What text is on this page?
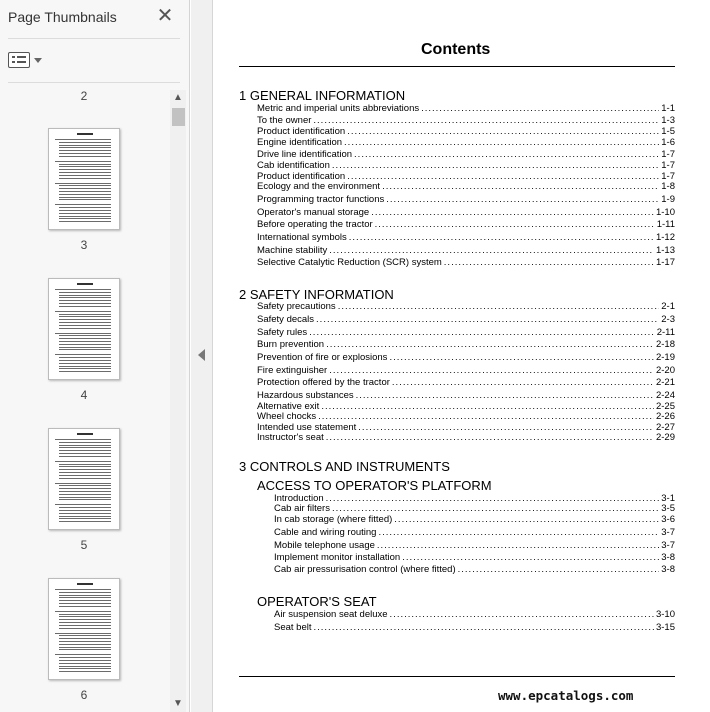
Page Thumbnails ✕
2
3
4
5
6
▲
▼
Contents
1 GENERAL INFORMATION
Metric and imperial units abbreviations .....	1-1
To the owner .....	1-3
Product identification .....	1-5
Engine identification .....	1-6
Drive line identification .....	1-7
Cab identification .....	1-7
Product identification .....	1-7
Ecology and the environment .....	1-8
Programming tractor functions .....	1-9
Operator's manual storage .....	1-10
Before operating the tractor .....	1-11
International symbols .....	1-12
Machine stability .....	1-13
Selective Catalytic Reduction (SCR) system .....	1-17
2 SAFETY INFORMATION
Safety precautions .....	2-1
Safety decals .....	2-3
Safety rules .....	2-11
Burn prevention .....	2-18
Prevention of fire or explosions .....	2-19
Fire extinguisher .....	2-20
Protection offered by the tractor .....	2-21
Hazardous substances .....	2-24
Alternative exit .....	2-25
Wheel chocks .....	2-26
Intended use statement .....	2-27
Instructor's seat .....	2-29
3 CONTROLS AND INSTRUMENTS
ACCESS TO OPERATOR'S PLATFORM
Introduction .....	3-1
Cab air filters .....	3-5
In cab storage (where fitted) .....	3-6
Cable and wiring routing .....	3-7
Mobile telephone usage .....	3-7
Implement monitor installation .....	3-8
Cab air pressurisation control (where fitted) .....	3-8
OPERATOR'S SEAT
Air suspension seat deluxe .....	3-10
Seat belt .....	3-15
www.epcatalogs.com
